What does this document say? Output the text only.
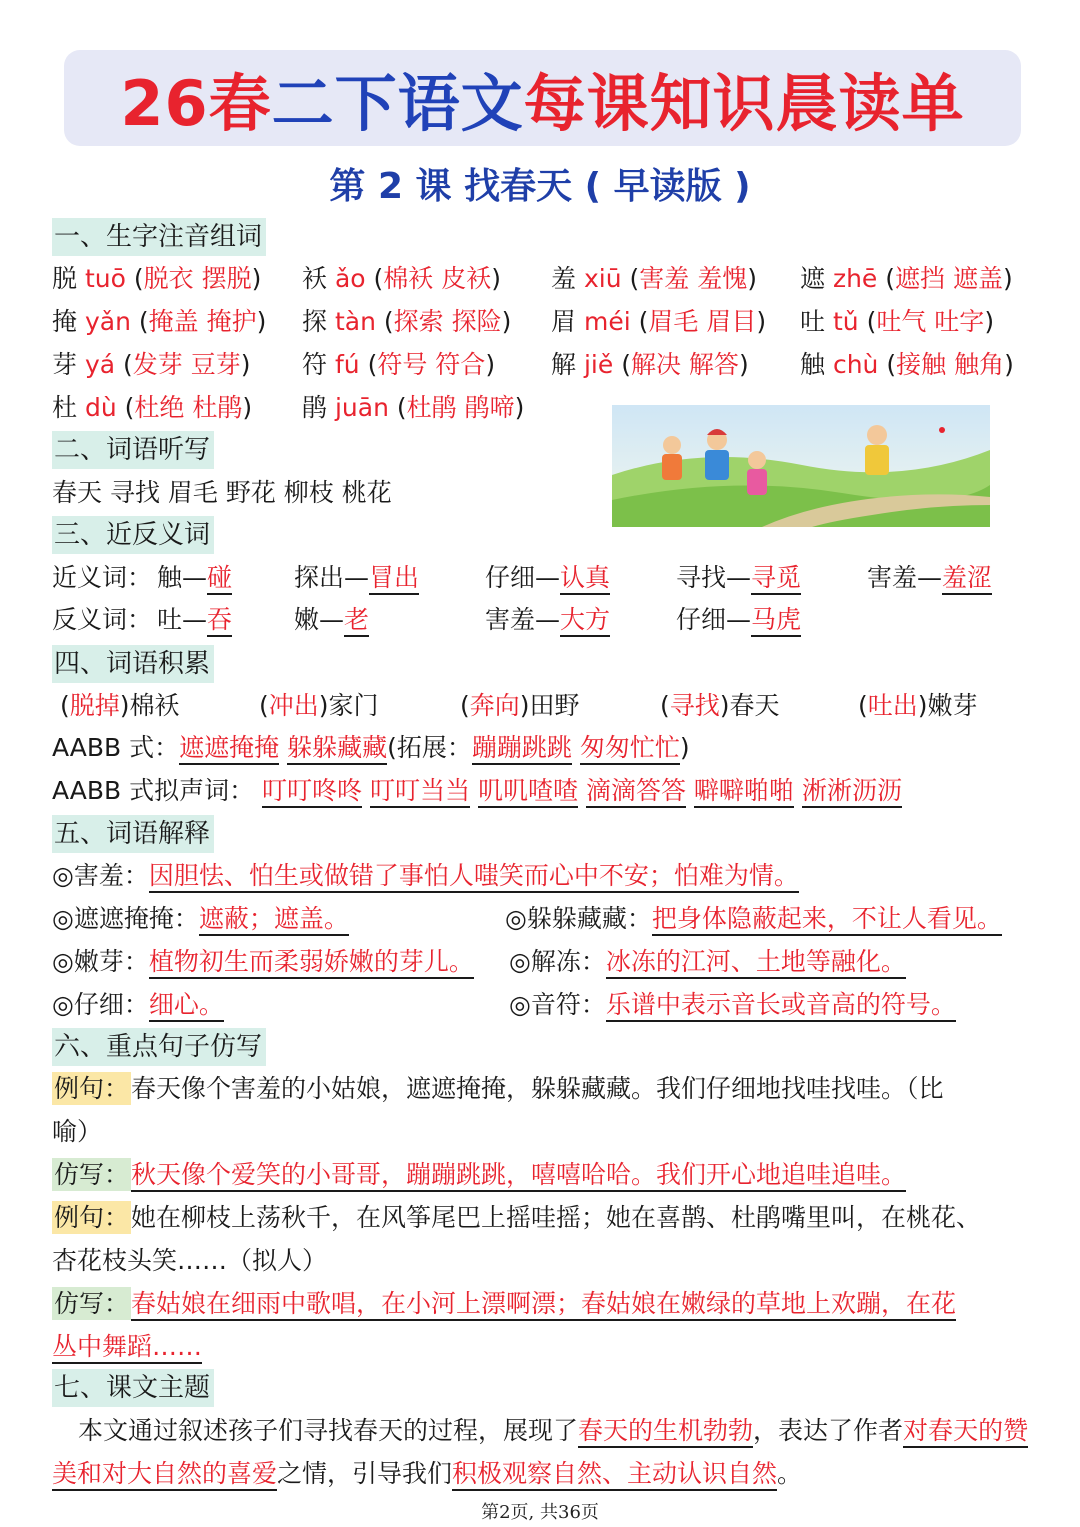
26春二下语文每课知识晨读单
第 2 课 找春天 ( 早读版 )
一、生字注音组词
脱 tuō (脱衣 摆脱) 袄 ǎo (棉袄 皮袄) 羞 xiū (害羞 羞愧) 遮 zhē (遮挡 遮盖)
掩 yǎn (掩盖 掩护) 探 tàn (探索 探险) 眉 méi (眉毛 眉目) 吐 tǔ (吐气 吐字)
芽 yá (发芽 豆芽) 符 fú (符号 符合) 解 jiě (解决 解答) 触 chù (接触 触角)
杜 dù (杜绝 杜鹃) 鹃 juān (杜鹃 鹃啼)
二、词语听写
春天 寻找 眉毛 野花 柳枝 桃花
三、近反义词
近义词： 触—碰 探出—冒出	仔细—认真	寻找—寻觅	害羞—羞涩
反义词： 吐—吞 嫩—老	害羞—大方	仔细—马虎
四、词语积累
(脱掉)棉袄	(冲出)家门	(奔向)田野	(寻找)春天	(吐出)嫩芽
AABB 式：遮遮掩掩 躲躲藏藏(拓展：蹦蹦跳跳 匆匆忙忙)
AABB 式拟声词： 叮叮咚咚 叮叮当当 叽叽喳喳 滴滴答答 噼噼啪啪 淅淅沥沥
五、词语解释
◎害羞：因胆怯、怕生或做错了事怕人嗤笑而心中不安；怕难为情。
◎遮遮掩掩：遮蔽；遮盖。	◎躲躲藏藏：把身体隐蔽起来，不让人看见。
◎嫩芽：植物初生而柔弱娇嫩的芽儿。 ◎解冻：冰冻的江河、土地等融化。
◎仔细：细心。	◎音符：乐谱中表示音长或音高的符号。
六、重点句子仿写
例句：春天像个害羞的小姑娘，遮遮掩掩，躲躲藏藏。我们仔细地找哇找哇。（比
喻）
仿写：秋天像个爱笑的小哥哥，蹦蹦跳跳，嘻嘻哈哈。我们开心地追哇追哇。
例句：她在柳枝上荡秋千，在风筝尾巴上摇哇摇；她在喜鹊、杜鹃嘴里叫，在桃花、
杏花枝头笑……（拟人）
仿写：春姑娘在细雨中歌唱，在小河上漂啊漂；春姑娘在嫩绿的草地上欢蹦，在花
丛中舞蹈……
七、课文主题
本文通过叙述孩子们寻找春天的过程，展现了春天的生机勃勃，表达了作者对春天的赞美和对大自然的喜爱之情，引导我们积极观察自然、主动认识自然。
第2页, 共36页
